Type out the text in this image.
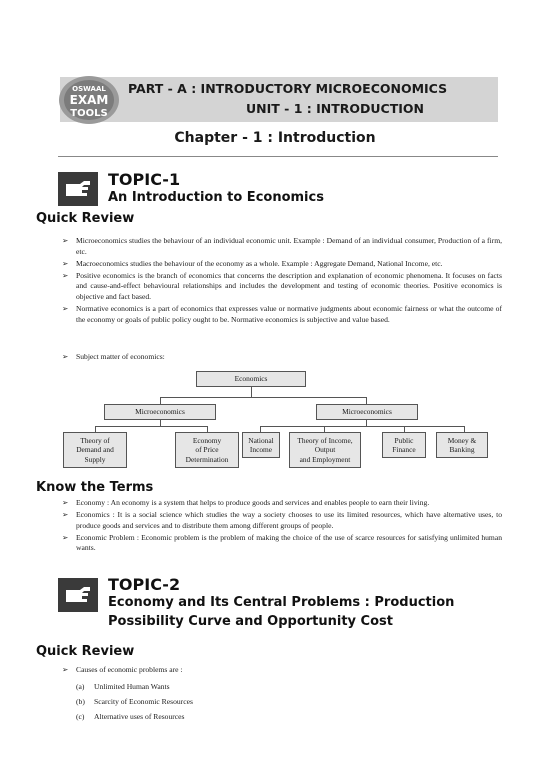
OSWAAL
EXAM
TOOLS
PART - A : INTRODUCTORY MICROECONOMICS
UNIT - 1 : INTRODUCTION
Chapter - 1 : Introduction
TOPIC-1
An Introduction to Economics
Quick Review
➢ Microeconomics studies the behaviour of an individual economic unit. Example : Demand of an individual consumer, Production of a firm, etc.
➢ Macroeconomics studies the behaviour of the economy as a whole. Example : Aggregate Demand, National Income, etc.
➢ Positive economics is the branch of economics that concerns the description and explanation of economic phenomena. It focuses on facts and cause-and-effect behavioural relationships and includes the development and testing of economic theories. Positive economics is objective and fact based.
➢ Normative economics is a part of economics that expresses value or normative judgments about economic fairness or what the outcome of the economy or goals of public policy ought to be. Normative economics is subjective and value based.
➢ Subject matter of economics:
Economics
Microeconomics	Microeconomics
Theory of
Demand and
Supply
Economy
of Price
Determination
National
Income
Theory of Income,
Output
and Employment
Public
Finance
Money &
Banking
Know the Terms
➢ Economy : An economy is a system that helps to produce goods and services and enables people to earn their living.
➢ Economics : It is a social science which studies the way a society chooses to use its limited resources, which have alternative uses, to produce goods and services and to distribute them among different groups of people.
➢ Economic Problem : Economic problem is the problem of making the choice of the use of scarce resources for satisfying unlimited human wants.
TOPIC-2
Economy and Its Central Problems : Production
Possibility Curve and Opportunity Cost
Quick Review
➢ Causes of economic problems are :
(a) Unlimited Human Wants
(b) Scarcity of Economic Resources
(c) Alternative uses of Resources
